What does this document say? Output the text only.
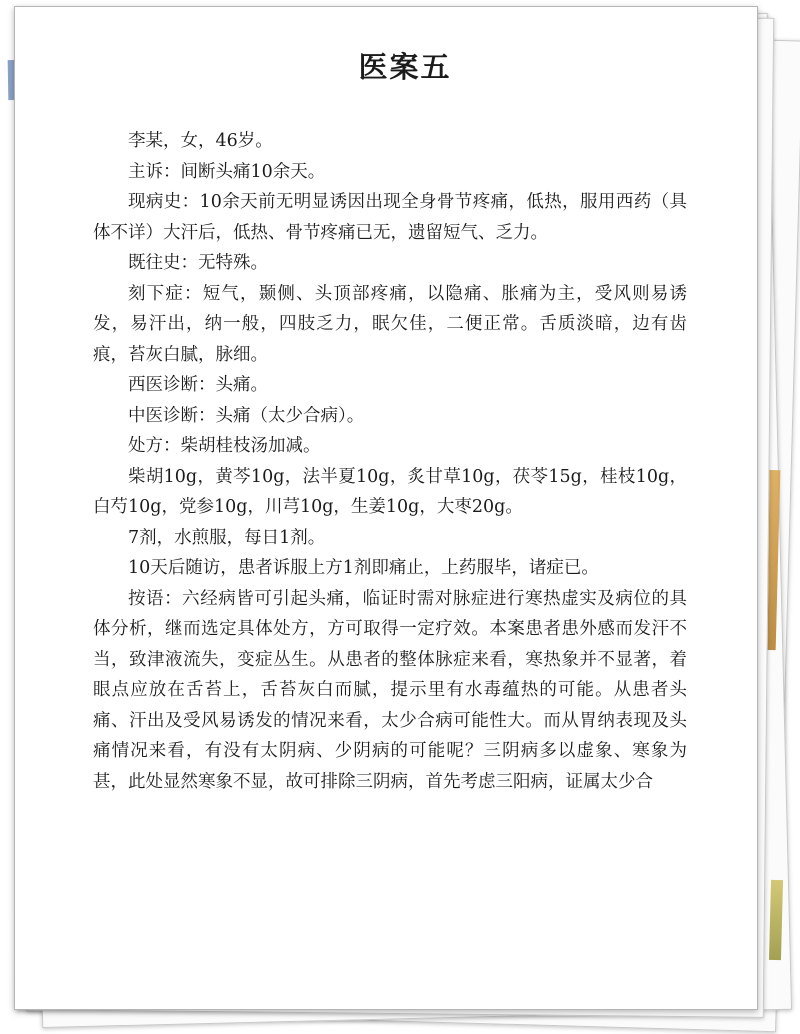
医案五

李某，女，46岁。

主诉：间断头痛10余天。

现病史：10余天前无明显诱因出现全身骨节疼痛，低热，服用西药（具体不详）大汗后，低热、骨节疼痛已无，遗留短气、乏力。

既往史：无特殊。

刻下症：短气，颞侧、头顶部疼痛，以隐痛、胀痛为主，受风则易诱发，易汗出，纳一般，四肢乏力，眠欠佳，二便正常。舌质淡暗，边有齿痕，苔灰白腻，脉细。

西医诊断：头痛。

中医诊断：头痛（太少合病）。

处方：柴胡桂枝汤加减。

柴胡10g，黄芩10g，法半夏10g，炙甘草10g，茯苓15g，桂枝10g，白芍10g，党参10g，川芎10g，生姜10g，大枣20g。

7剂，水煎服，每日1剂。

10天后随访，患者诉服上方1剂即痛止，上药服毕，诸症已。

按语：六经病皆可引起头痛，临证时需对脉症进行寒热虚实及病位的具体分析，继而选定具体处方，方可取得一定疗效。本案患者患外感而发汗不当，致津液流失，变症丛生。从患者的整体脉症来看，寒热象并不显著，着眼点应放在舌苔上，舌苔灰白而腻，提示里有水毒蕴热的可能。从患者头痛、汗出及受风易诱发的情况来看，太少合病可能性大。而从胃纳表现及头痛情况来看，有没有太阴病、少阴病的可能呢？三阴病多以虚象、寒象为甚，此处显然寒象不显，故可排除三阴病，首先考虑三阳病，证属太少合
